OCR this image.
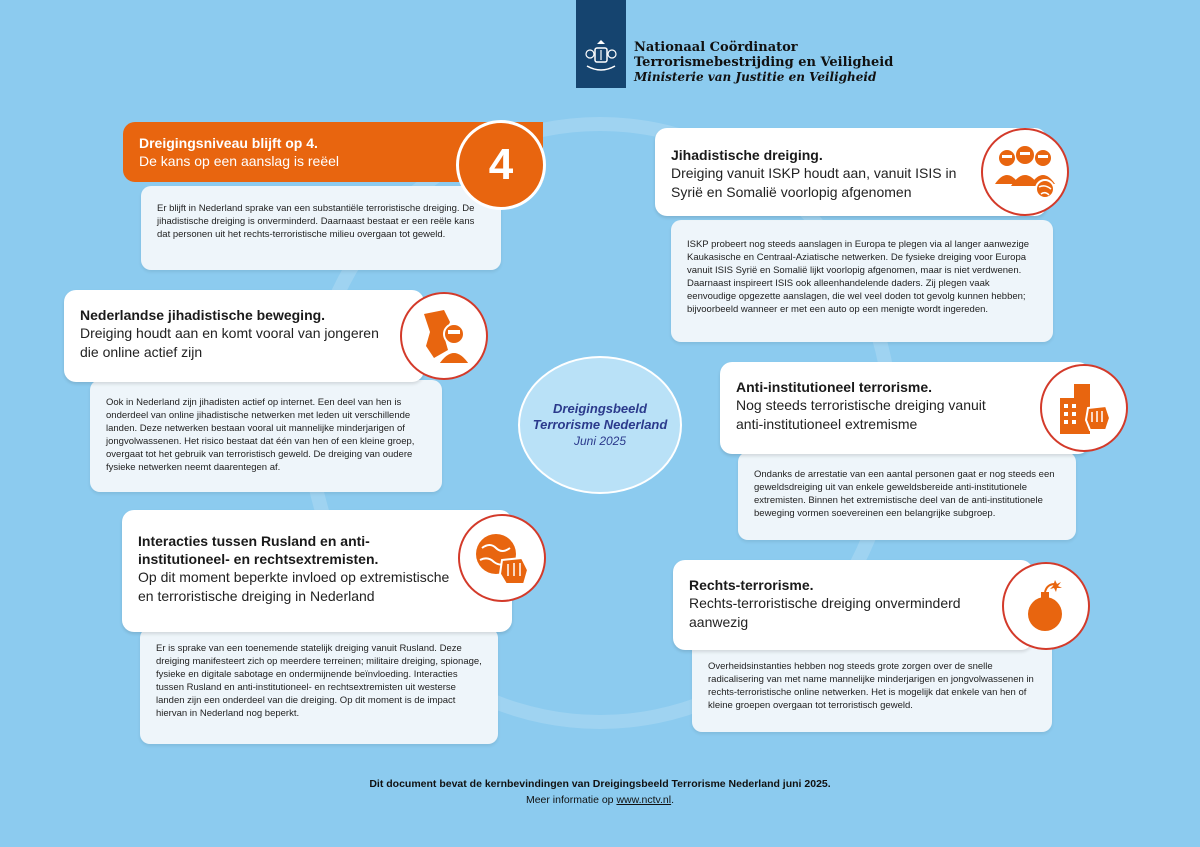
Nationaal Coördinator
Terrorismebestrijding en Veiligheid
Ministerie van Justitie en Veiligheid
Er blijft in Nederland sprake van een substantiële terroristische dreiging. De jihadistische dreiging is onverminderd. Daarnaast bestaat er een reële kans dat personen uit het rechts-terroristische milieu overgaan tot geweld.
Dreigingsniveau blijft op 4.

De kans op een aanslag is reëel	4
ISKP probeert nog steeds aanslagen in Europa te plegen via al langer aanwezige Kaukasische en Centraal-Aziatische netwerken. De fysieke dreiging voor Europa vanuit ISIS Syrië en Somalië lijkt voorlopig afgenomen, maar is niet verdwenen. Daarnaast inspireert ISIS ook alleenhandelende daders. Zij plegen vaak eenvoudige opgezette aanslagen, die wel veel doden tot gevolg kunnen hebben; bijvoorbeeld wanneer er met een auto op een menigte wordt ingereden.
Jihadistische dreiging.

Dreiging vanuit ISKP houdt aan, vanuit ISIS in Syrië en Somalië voorlopig afgenomen

Ook in Nederland zijn jihadisten actief op internet. Een deel van hen is onderdeel van online jihadistische netwerken met leden uit verschillende landen. Deze netwerken bestaan vooral uit mannelijke minderjarigen of jongvolwassenen. Het risico bestaat dat één van hen of een kleine groep, overgaat tot het gebruik van terroristisch geweld. De dreiging van oudere fysieke netwerken neemt daarentegen af.
Nederlandse jihadistische beweging.

Dreiging houdt aan en komt vooral van jongeren die online actief zijn

Dreigingsbeeld
Terrorisme Nederland
Juni 2025
Ondanks de arrestatie van een aantal personen gaat er nog steeds een geweldsdreiging uit van enkele geweldsbereide anti-institutionele extremisten. Binnen het extremistische deel van de anti-institutionele beweging vormen soevereinen een belangrijke subgroep.
Anti-institutioneel terrorisme.

Nog steeds terroristische dreiging vanuit anti-institutioneel extremisme

Er is sprake van een toenemende statelijk dreiging vanuit Rusland. Deze dreiging manifesteert zich op meerdere terreinen; militaire dreiging, spionage, fysieke en digitale sabotage en ondermijnende beïnvloeding. Interacties tussen Rusland en anti-institutioneel- en rechtsextremisten uit westerse landen zijn een onderdeel van die dreiging. Op dit moment is de impact hiervan in Nederland nog beperkt.
Interacties tussen Rusland en anti-institutioneel- en rechtsextremisten.

Op dit moment beperkte invloed op extremistische en terroristische dreiging in Nederland

Overheidsinstanties hebben nog steeds grote zorgen over de snelle radicalisering van met name mannelijke minderjarigen en jongvolwassenen in rechts-terroristische online netwerken. Het is mogelijk dat enkele van hen of kleine groepen overgaan tot terroristisch geweld.
Rechts-terrorisme.

Rechts-terroristische dreiging onverminderd aanwezig

Dit document bevat de kernbevindingen van Dreigingsbeeld Terrorisme Nederland juni 2025.
Meer informatie op www.nctv.nl.
